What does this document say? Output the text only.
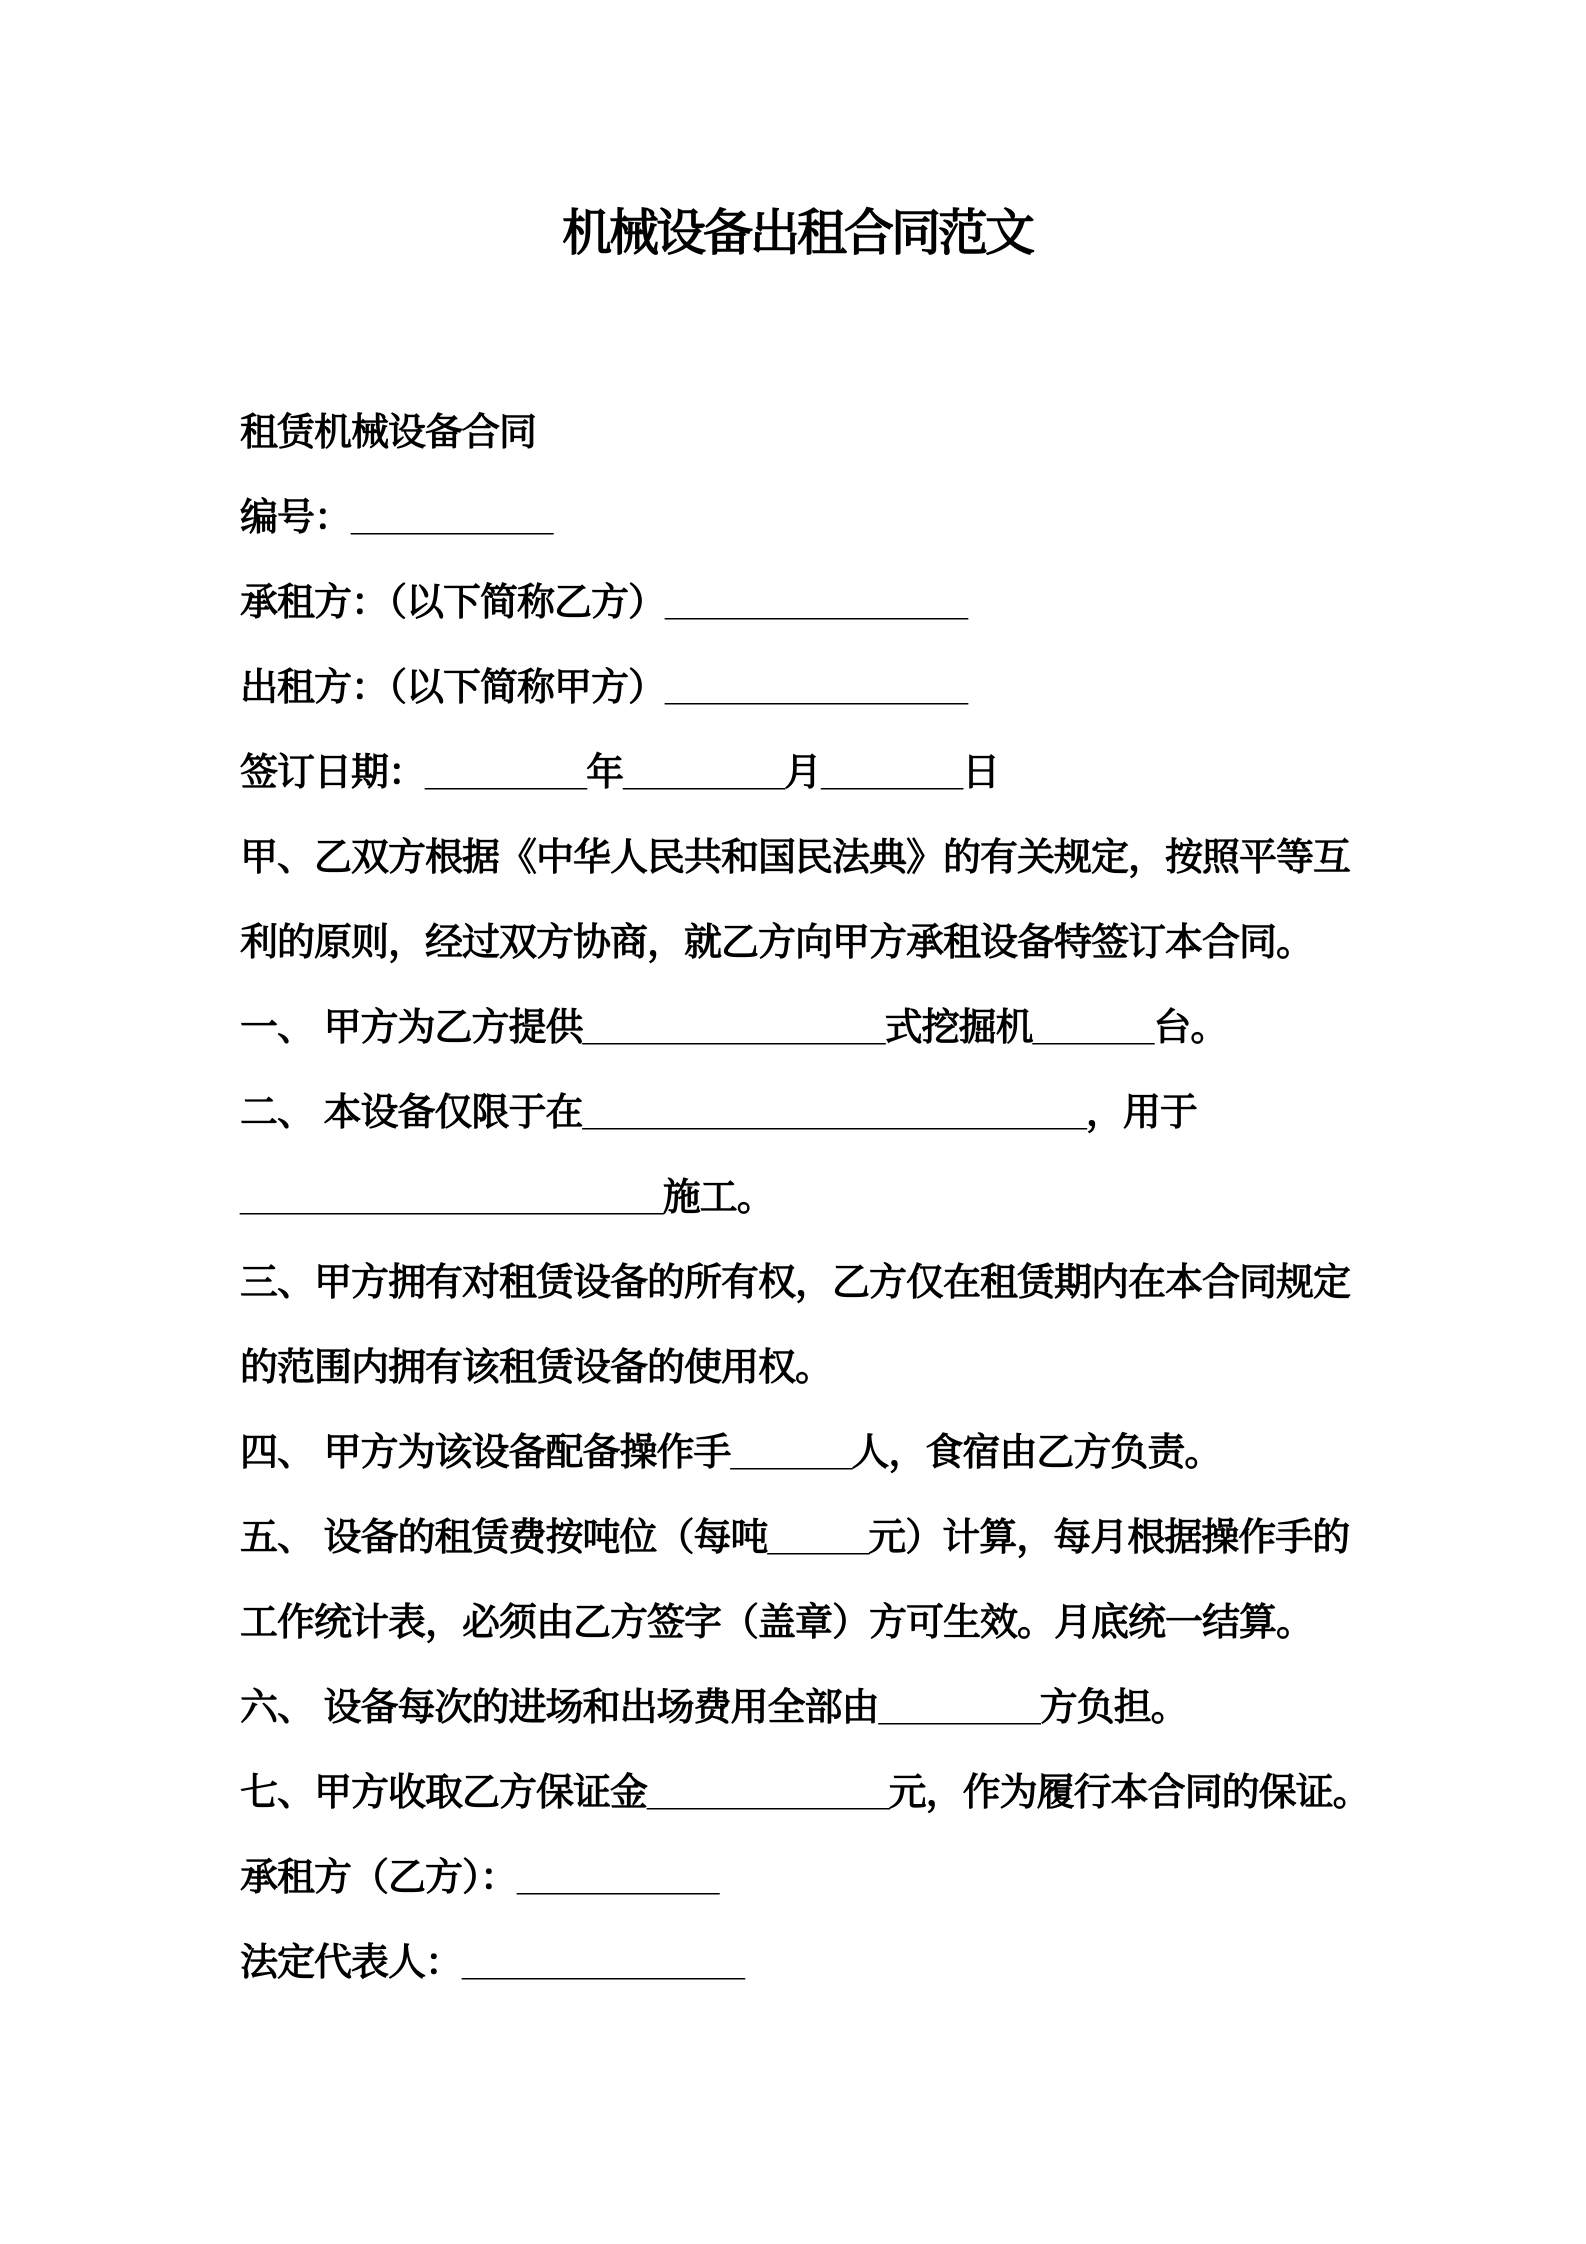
机械设备出租合同范文
租赁机械设备合同
编号：__________
承租方：（以下简称乙方）_______________
出租方：（以下简称甲方）_______________
签订日期：________年________月_______日
甲、乙双方根据《中华人民共和国民法典》的有关规定，按照平等互
利的原则，经过双方协商，就乙方向甲方承租设备特签订本合同。
一、 甲方为乙方提供_______________式挖掘机______台。
二、 本设备仅限于在_________________________，用于
_____________________施工。
三、甲方拥有对租赁设备的所有权，乙方仅在租赁期内在本合同规定
的范围内拥有该租赁设备的使用权。
四、 甲方为该设备配备操作手______人，食宿由乙方负责。
五、 设备的租赁费按吨位（每吨_____元）计算，每月根据操作手的
工作统计表，必须由乙方签字（盖章）方可生效。月底统一结算。
六、 设备每次的进场和出场费用全部由________方负担。
七、甲方收取乙方保证金____________元，作为履行本合同的保证。
承租方（乙方）：__________
法定代表人：______________
